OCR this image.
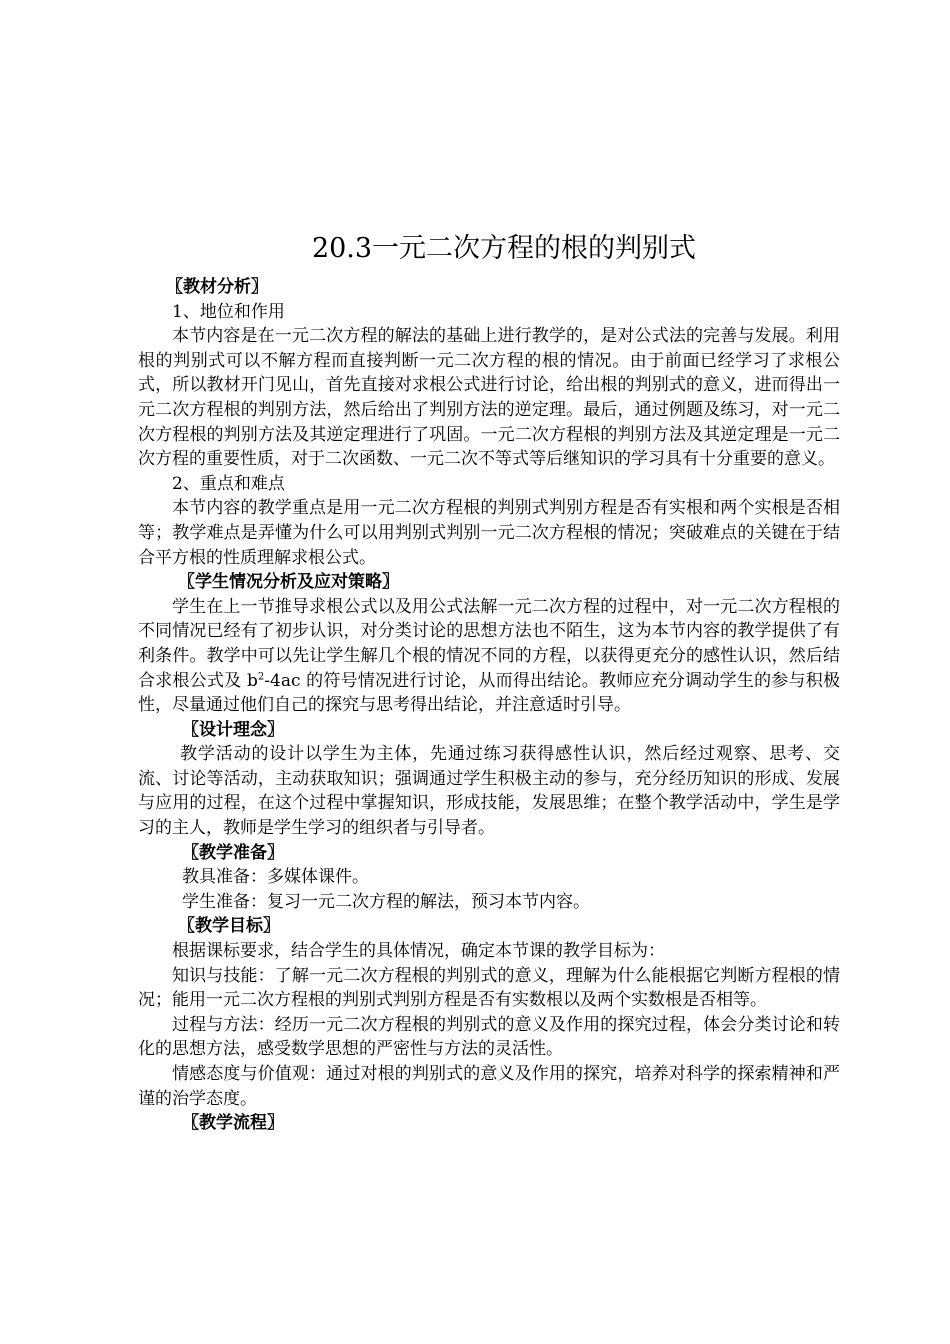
20.3一元二次方程的根的判别式
〖教材分析〗

1、地位和作用

本节内容是在一元二次方程的解法的基础上进行教学的，是对公式法的完善与发展。利用根的判别式可以不解方程而直接判断一元二次方程的根的情况。由于前面已经学习了求根公式，所以教材开门见山，首先直接对求根公式进行讨论，给出根的判别式的意义，进而得出一元二次方程根的判别方法，然后给出了判别方法的逆定理。最后，通过例题及练习，对一元二次方程根的判别方法及其逆定理进行了巩固。一元二次方程根的判别方法及其逆定理是一元二次方程的重要性质，对于二次函数、一元二次不等式等后继知识的学习具有十分重要的意义。

2、重点和难点

本节内容的教学重点是用一元二次方程根的判别式判别方程是否有实根和两个实根是否相等；教学难点是弄懂为什么可以用判别式判别一元二次方程根的情况；突破难点的关键在于结合平方根的性质理解求根公式。

〖学生情况分析及应对策略〗

学生在上一节推导求根公式以及用公式法解一元二次方程的过程中，对一元二次方程根的不同情况已经有了初步认识，对分类讨论的思想方法也不陌生，这为本节内容的教学提供了有利条件。教学中可以先让学生解几个根的情况不同的方程，以获得更充分的感性认识，然后结合求根公式及 $b^2-4ac$ 的符号情况进行讨论，从而得出结论。教师应充分调动学生的参与积极性，尽量通过他们自己的探究与思考得出结论，并注意适时引导。

〖设计理念〗

教学活动的设计以学生为主体，先通过练习获得感性认识，然后经过观察、思考、交流、讨论等活动，主动获取知识；强调通过学生积极主动的参与，充分经历知识的形成、发展与应用的过程，在这个过程中掌握知识，形成技能，发展思维；在整个教学活动中，学生是学习的主人，教师是学生学习的组织者与引导者。

〖教学准备〗

教具准备：多媒体课件。

学生准备：复习一元二次方程的解法，预习本节内容。

〖教学目标〗

根据课标要求，结合学生的具体情况，确定本节课的教学目标为：

知识与技能：了解一元二次方程根的判别式的意义，理解为什么能根据它判断方程根的情况；能用一元二次方程根的判别式判别方程是否有实数根以及两个实数根是否相等。

过程与方法：经历一元二次方程根的判别式的意义及作用的探究过程，体会分类讨论和转化的思想方法，感受数学思想的严密性与方法的灵活性。

情感态度与价值观：通过对根的判别式的意义及作用的探究，培养对科学的探索精神和严谨的治学态度。

〖教学流程〗
